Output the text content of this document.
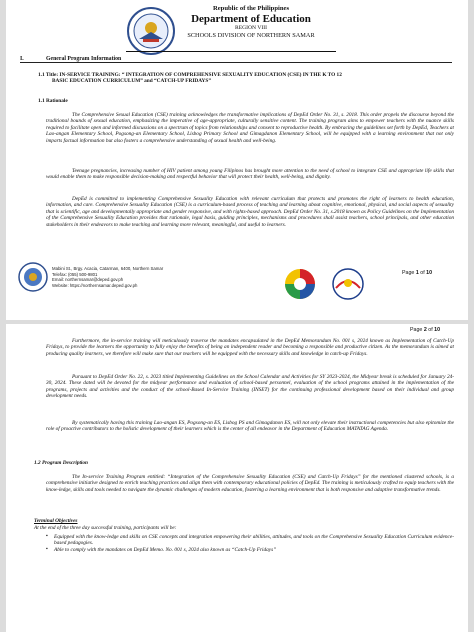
Republic of the Philippines
Department of Education
REGION VIII
SCHOOLS DIVISION OF NORTHERN SAMAR
I.	General Program Information
1.1 Title: IN-SERVICE TRAINING: “ INTEGRATION OF COMPREHENSIVE SEXUALITY EDUCATION (CSE) IN THE K TO 12
BASIC EDUCATION CURRICULUM” and “CATCH-UP FRIDAYS”
1.1 Rationale
The Comprehensive Sexual Education (CSE) training acknowledges the transformative implications of DepEd Order No. 31, s. 2018. This order propels the discourse beyond the traditional bounds of sexual education, emphasizing the imperative of age-appropriate, culturally sensitive content. The training program aims to empower teachers with the nuance skills required to facilitate open and informed discussions on a spectrum of topics from relationships and consent to reproductive health. By embracing the guidelines set forth by DepEd, Teachers at Lao-angan Elementary School, Pogsong-an Elementary School, Lisbog Primary School and Gimagdanon Elementary School, will be equipped with a learning environment that not only imparts factual information but also fosters a comprehensive understanding of sexual health and well-being.
Teenage pregnancies, increasing number of HIV patient among young Filipinos has brought more attention to the need of school to integrate CSE and appropriate life skills that would enable them to make responsible decision-making and respectful behavior that will protect their health, well-being, and dignity.
DepEd is committed to implementing Comprehensive Sexuality Education with relevant curriculum that protects and promotes the right of learners to health education, information, and care. Comprehensive Sexuality Education (CSE) is a curriculum-based process of teaching and learning about cognitive, emotional, physical, and social aspects of sexuality that is scientific, age and developmentally appropriate and gender responsive, and with rights-based approach. DepEd Order No. 31, s.2018 known as Policy Guidelines on the Implementation of the Comprehensive Sexuality Education provides that rationale, legal basis, guiding principles, mechanisms and procedures shall assist teachers, school principals, and other education stakeholders in their endeavors to make teaching and learning more relevant, meaningful, and useful to learners.
Mabini St., Brgy. Acacia, Catarman, 6400, Northern Samar
Telefax: (055) 500-9801
Email: northernsamar@deped.gov.ph
Website: https://northernsamar.deped.gov.ph
Page 1 of 10
Page 2 of 10
Furthermore, the in-service training will meticulously traverse the mandates encapsulated in the DepEd Memorandum No. 001 s, 2024 known as Implementation of Catch-Up Fridays, to provide the learners the opportunity to fully enjoy the benefits of being an independent reader and becoming a responsible and productive citizen. As the memorandum is aimed at producing quality learners, we therefore will make sure that our teachers will be equipped with the necessary skills and knowledge in catch-up Fridays.
Pursuant to DepEd Order No. 22, s. 2023 titled Implementing Guidelines on the School Calendar and Activities for SY 2023-2024, the Midyear break is scheduled for January 24-30, 2024. These dated will be devoted for the midyear performance and evaluation of school-based personnel, evaluation of the school programs attained in the implementation of the programs, projects and activities and the conduct of the school-Based In-Service Training (INSET) for the continuing professional development based on their individual and group development needs.
By systematically having this training Lao-angan ES, Pogsong-an ES, Lisbog PS and Gimagdanon ES, will not only elevate their instructional competencies but also epitomize the role of proactive contributors to the holistic development of their learners which is the center of all endeavor in the Department of Education MATATAG Agenda.
1.2 Program Description
The In-service Training Program entitled: “Integration of the Comprehensive Sexuality Education (CSE) and Catch-Up Fridays” for the mentioned clustered schools, is a comprehensive initiative designed to enrich teaching practices and align them with contemporary educational policies of DepEd. The training is meticulously crafted to equip teachers with the know-ledge, skills and tools needed to navigate the dynamic challenges of modern education, fostering a learning environment that is both responsive and adaptive transformative trends.
Terminal Objectives
At the end of the three day successful training, participants will be:
▪ Equipped with the know-ledge and skills on CSE concepts and integration empowering their abilities, attitudes, and tools on the Comprehensive Sexuality Education Curriculum evidence-based pedagogies.
▪ Able to comply with the mandates on DepEd Memo. No. 001 s, 2024 also known as “Catch-Up Fridays”
